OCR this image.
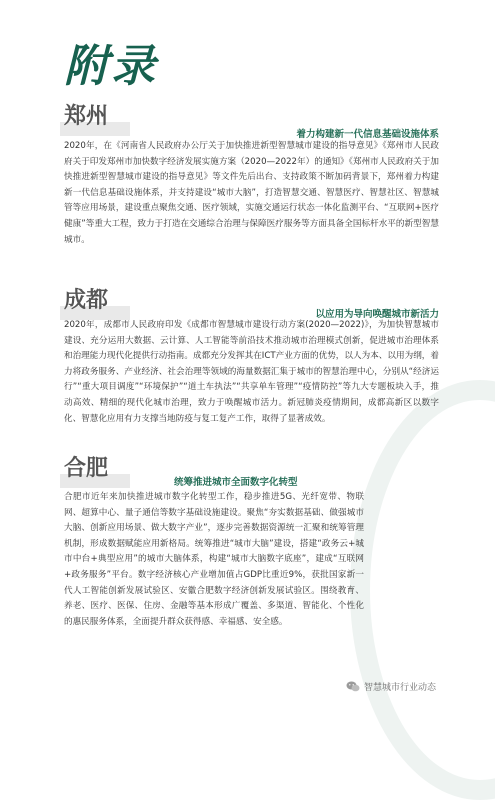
附录
郑州
着力构建新一代信息基础设施体系

2020年，在《河南省人民政府办公厅关于加快推进新型智慧城市建设的指导意见》《郑州市人民政府关于印发郑州市加快数字经济发展实施方案（2020—2022年）的通知》《郑州市人民政府关于加快推进新型智慧城市建设的指导意见》等文件先后出台、支持政策不断加码背景下，郑州着力构建新一代信息基础设施体系，并支持建设“城市大脑”，打造智慧交通、智慧医疗、智慧社区、智慧城管等应用场景，建设重点聚焦交通、医疗领域，实施交通运行状态一体化监测平台、“互联网+医疗健康”等重大工程，致力于打造在交通综合治理与保障医疗服务等方面具备全国标杆水平的新型智慧城市。

成都
以应用为导向唤醒城市新活力

2020年，成都市人民政府印发《成都市智慧城市建设行动方案(2020—2022)》，为加快智慧城市建设、充分运用大数据、云计算、人工智能等前沿技术推动城市治理模式创新，促进城市治理体系和治理能力现代化提供行动指南。成都充分发挥其在ICT产业方面的优势，以人为本、以用为纲，着力将政务服务、产业经济、社会治理等领域的海量数据汇集于城市的智慧治理中心，分别从“经济运行”“重大项目调度”“环境保护”“道土车执法”“共享单车管理”“疫情防控”等九大专题板块入手，推动高效、精细的现代化城市治理，致力于唤醒城市活力。新冠肺炎疫情期间，成都高新区以数字化、智慧化应用有力支撑当地防疫与复工复产工作，取得了显著成效。

合肥
统筹推进城市全面数字化转型

合肥市近年来加快推进城市数字化转型工作，稳步推进5G、光纤宽带、物联网、超算中心、量子通信等数字基础设施建设。聚焦“夯实数据基础、做强城市大脑、创新应用场景、做大数字产业”，逐步完善数据资源统一汇聚和统筹管理机制，形成数据赋能应用新格局。统筹推进“城市大脑”建设，搭建“政务云+城市中台+典型应用”的城市大脑体系，构建“城市大脑数字底座”，建成“互联网+政务服务”平台。数字经济核心产业增加值占GDP比重近9%，获批国家新一代人工智能创新发展试验区、安徽合肥数字经济创新发展试验区。围绕教育、养老、医疗、医保、住房、金融等基本形成广覆盖、多渠道、智能化、个性化的惠民服务体系，全面提升群众获得感、幸福感、安全感。

智慧城市行业动态
